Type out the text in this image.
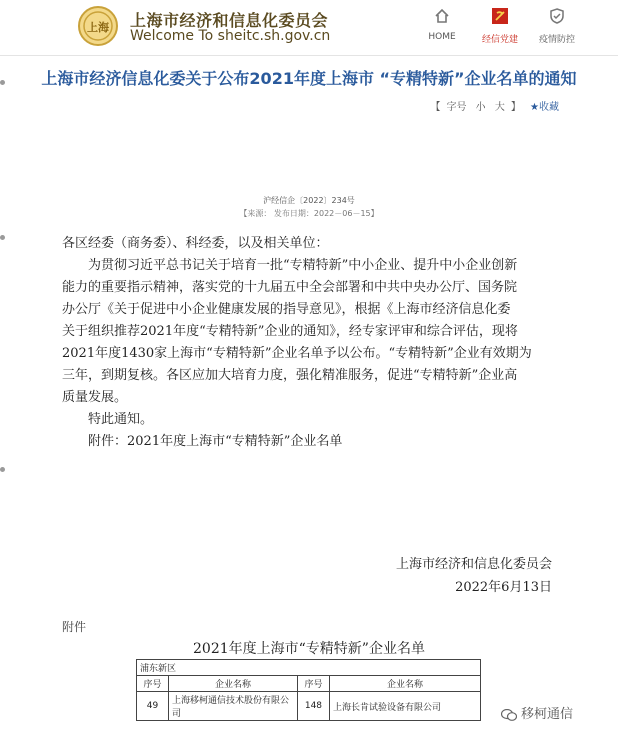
上海 上海市经济和信息化委员会
Welcome To sheitc.sh.gov.cn	HOME	经信党建	疫情防控
上海市经济信息化委关于公布2021年度上海市 “专精特新”企业名单的通知
【 字号 小 大 】 ★收藏
沪经信企〔2022〕234号
【来源： 发布日期：2022－06－15】
各区经委（商务委）、科经委，以及相关单位：
为贯彻习近平总书记关于培育一批“专精特新”中小企业、提升中小企业创新
能力的重要指示精神，落实党的十九届五中全会部署和中共中央办公厅、国务院
办公厅《关于促进中小企业健康发展的指导意见》，根据《上海市经济信息化委
关于组织推荐2021年度“专精特新”企业的通知》，经专家评审和综合评估，现将
2021年度1430家上海市“专精特新”企业名单予以公布。“专精特新”企业有效期为
三年，到期复核。各区应加大培育力度，强化精准服务，促进“专精特新”企业高
质量发展。
特此通知。
附件：2021年度上海市“专精特新”企业名单
上海市经济和信息化委员会
2022年6月13日
附件
2021年度上海市“专精特新”企业名单
浦东新区			
序号	企业名称	序号	企业名称
49	上海移柯通信技术股份有限公司	148	上海长肯试验设备有限公司	移柯通信
